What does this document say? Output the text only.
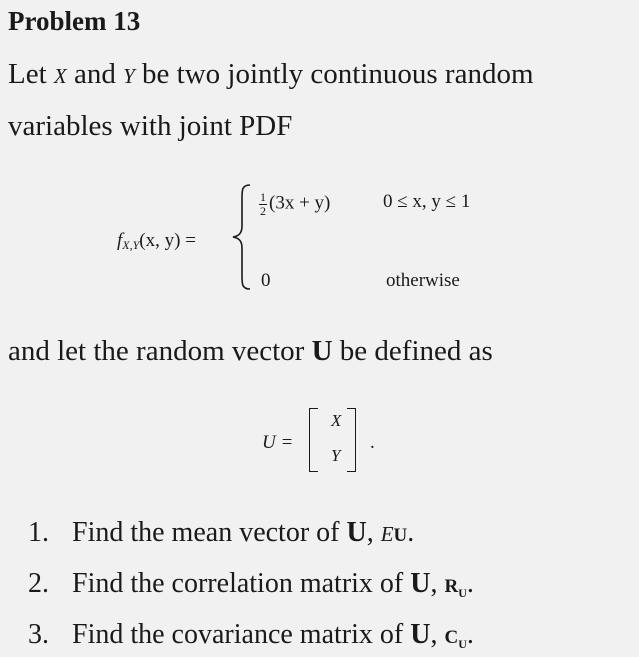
Problem 13
Let X and Y be two jointly continuous random
variables with joint PDF
$f_{X,Y}(x$, y) =
$\frac{1}{2} (3x + y)$	0 ≤ x, y ≤ 1
0	otherwise
and let the random vector U be defined as
U =
X
Y
.
1. Find the mean vector of U, EU.
2. Find the correlation matrix of U, $R_U$.
3. Find the covariance matrix of U, $C_U$.
